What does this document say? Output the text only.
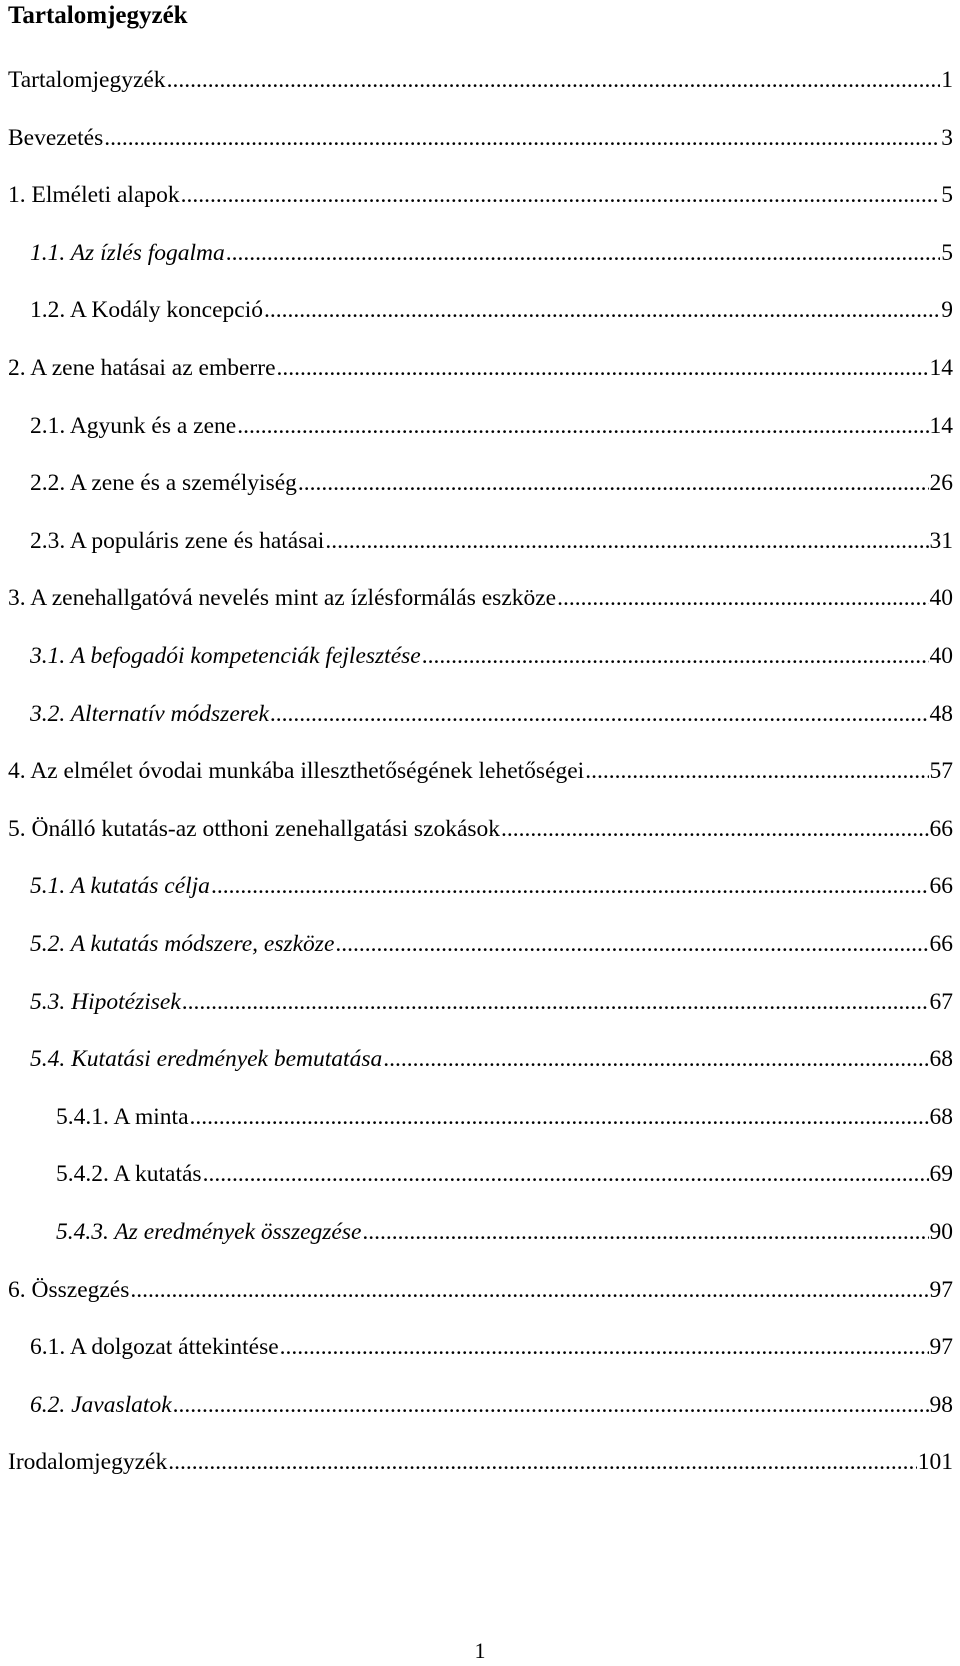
Tartalomjegyzék
Tartalomjegyzék .....	1
Bevezetés .....	3
1. Elméleti alapok .....	5
1.1. Az ízlés fogalma .....	5
1.2. A Kodály koncepció .....	9
2. A zene hatásai az emberre .....	14
2.1. Agyunk és a zene .....	14
2.2. A zene és a személyiség .....	26
2.3. A populáris zene és hatásai .....	31
3. A zenehallgatóvá nevelés mint az ízlésformálás eszköze .....	40
3.1. A befogadói kompetenciák fejlesztése .....	40
3.2. Alternatív módszerek .....	48
4. Az elmélet óvodai munkába illeszthetőségének lehetőségei .....	57
5. Önálló kutatás-az otthoni zenehallgatási szokások .....	66
5.1. A kutatás célja .....	66
5.2. A kutatás módszere, eszköze .....	66
5.3. Hipotézisek .....	67
5.4. Kutatási eredmények bemutatása .....	68
5.4.1. A minta .....	68
5.4.2. A kutatás .....	69
5.4.3. Az eredmények összegzése .....	90
6. Összegzés .....	97
6.1. A dolgozat áttekintése .....	97
6.2. Javaslatok .....	98
Irodalomjegyzék .....	101
1
